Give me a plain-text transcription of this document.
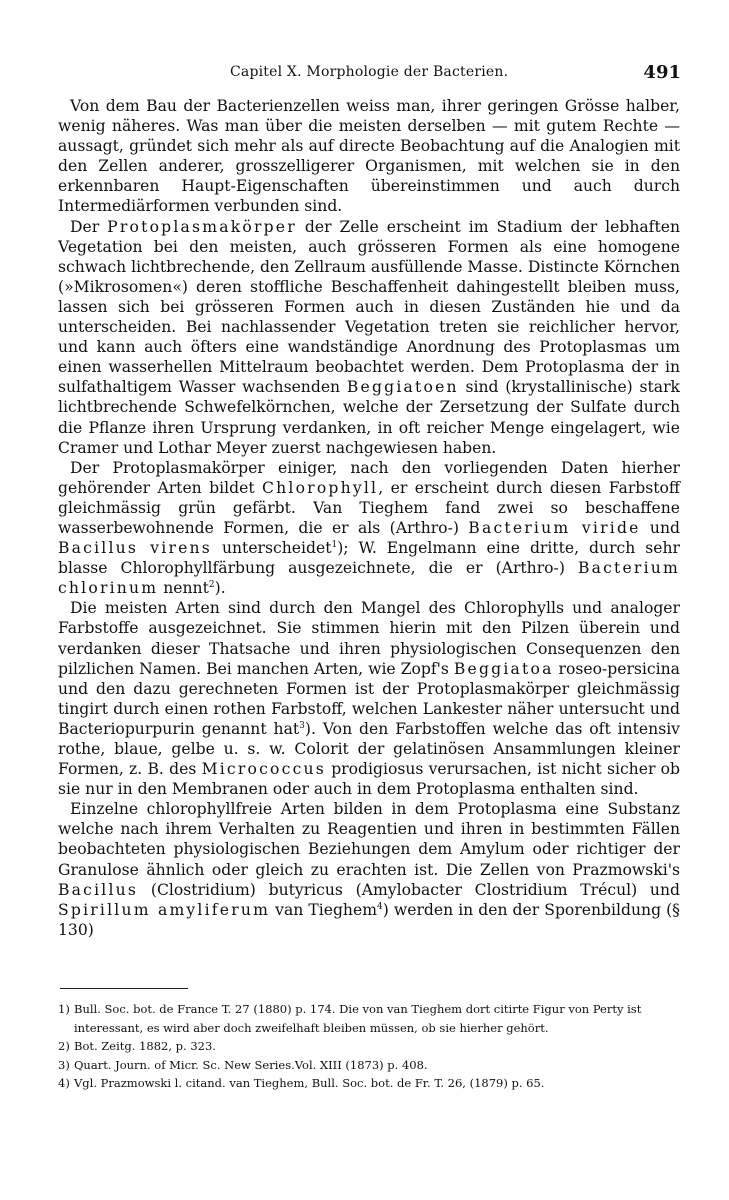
Capitel X. Morphologie der Bacterien.	491

Von dem Bau der Bacterienzellen weiss man, ihrer geringen Grösse halber, wenig näheres. Was man über die meisten derselben — mit gutem Rechte — aussagt, gründet sich mehr als auf directe Beobachtung auf die Analogien mit den Zellen anderer, grosszelligerer Organismen, mit welchen sie in den erkennbaren Haupt-Eigenschaften übereinstimmen und auch durch Intermediärformen verbunden sind.

Der Protoplasmakörper der Zelle erscheint im Stadium der lebhaften Vegetation bei den meisten, auch grösseren Formen als eine homogene schwach lichtbrechende, den Zellraum ausfüllende Masse. Distincte Körnchen (»Mikrosomen«) deren stoffliche Beschaffenheit dahingestellt bleiben muss, lassen sich bei grösseren Formen auch in diesen Zuständen hie und da unterscheiden. Bei nachlassender Vegetation treten sie reichlicher hervor, und kann auch öfters eine wandständige Anordnung des Protoplasmas um einen wasserhellen Mittelraum beobachtet werden. Dem Protoplasma der in sulfathaltigem Wasser wachsenden Beggiatoen sind (krystallinische) stark lichtbrechende Schwefelkörnchen, welche der Zersetzung der Sulfate durch die Pflanze ihren Ursprung verdanken, in oft reicher Menge eingelagert, wie Cramer und Lothar Meyer zuerst nachgewiesen haben.

Der Protoplasmakörper einiger, nach den vorliegenden Daten hierher gehörender Arten bildet Chlorophyll, er erscheint durch diesen Farbstoff gleichmässig grün gefärbt. Van Tieghem fand zwei so beschaffene wasserbewohnende Formen, die er als (Arthro-) Bacterium viride und Bacillus virens unterscheidet$^1$); W. Engelmann eine dritte, durch sehr blasse Chlorophyllfärbung ausgezeichnete, die er (Arthro-) Bacterium chlorinum nennt$^2$).

Die meisten Arten sind durch den Mangel des Chlorophylls und analoger Farbstoffe ausgezeichnet. Sie stimmen hierin mit den Pilzen überein und verdanken dieser Thatsache und ihren physiologischen Consequenzen den pilzlichen Namen. Bei manchen Arten, wie Zopf's Beggiatoa roseo-persicina und den dazu gerechneten Formen ist der Protoplasmakörper gleichmässig tingirt durch einen rothen Farbstoff, welchen Lankester näher untersucht und Bacteriopurpurin genannt hat$^3$). Von den Farbstoffen welche das oft intensiv rothe, blaue, gelbe u. s. w. Colorit der gelatinösen Ansammlungen kleiner Formen, z. B. des Micrococcus prodigiosus verursachen, ist nicht sicher ob sie nur in den Membranen oder auch in dem Protoplasma enthalten sind.

Einzelne chlorophyllfreie Arten bilden in dem Protoplasma eine Substanz welche nach ihrem Verhalten zu Reagentien und ihren in bestimmten Fällen beobachteten physiologischen Beziehungen dem Amylum oder richtiger der Granulose ähnlich oder gleich zu erachten ist. Die Zellen von Prazmowski's Bacillus (Clostridium) butyricus (Amylobacter Clostridium Trécul) und Spirillum amyliferum van Tieghem$^4$) werden in den der Sporenbildung (§ 130)

1) Bull. Soc. bot. de France T. 27 (1880) p. 174. Die von van Tieghem dort citirte Figur von Perty ist interessant, es wird aber doch zweifelhaft bleiben müssen, ob sie hierher gehört.

2) Bot. Zeitg. 1882, p. 323.

3) Quart. Journ. of Micr. Sc. New Series.Vol. XIII (1873) p. 408.

4) Vgl. Prazmowski l. citand. van Tieghem, Bull. Soc. bot. de Fr. T. 26, (1879) p. 65.
